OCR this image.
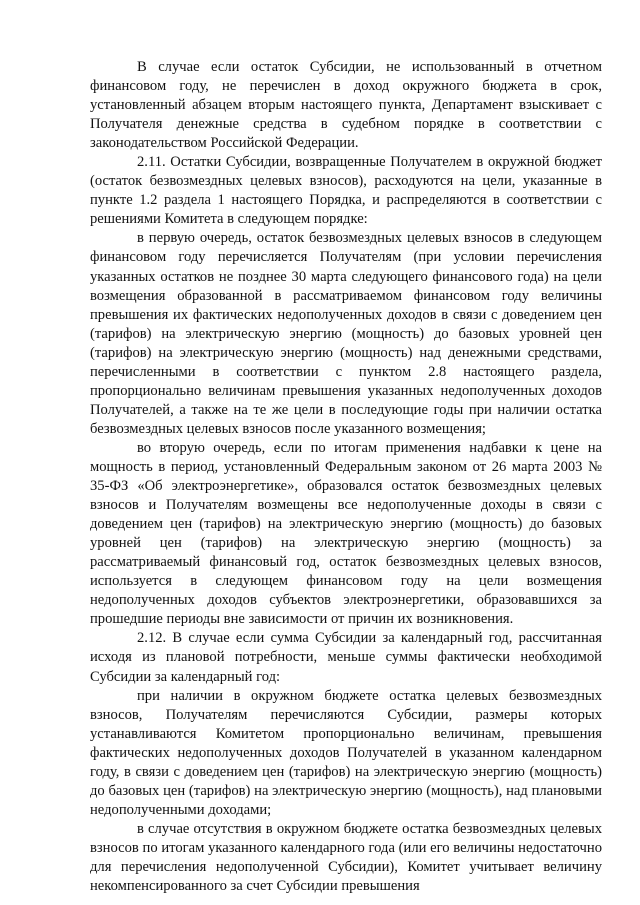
В случае если остаток Субсидии, не использованный в отчетном финансовом году, не перечислен в доход окружного бюджета в срок, установленный абзацем вторым настоящего пункта, Департамент взыскивает с Получателя денежные средства в судебном порядке в соответствии с законодательством Российской Федерации.

2.11. Остатки Субсидии, возвращенные Получателем в окружной бюджет (остаток безвозмездных целевых взносов), расходуются на цели, указанные в пункте 1.2 раздела 1 настоящего Порядка, и распределяются в соответствии с решениями Комитета в следующем порядке:

в первую очередь, остаток безвозмездных целевых взносов в следующем финансовом году перечисляется Получателям (при условии перечисления указанных остатков не позднее 30 марта следующего финансового года) на цели возмещения образованной в рассматриваемом финансовом году величины превышения их фактических недополученных доходов в связи с доведением цен (тарифов) на электрическую энергию (мощность) до базовых уровней цен (тарифов) на электрическую энергию (мощность) над денежными средствами, перечисленными в соответствии с пунктом 2.8 настоящего раздела, пропорционально величинам превышения указанных недополученных доходов Получателей, а также на те же цели в последующие годы при наличии остатка безвозмездных целевых взносов после указанного возмещения;

во вторую очередь, если по итогам применения надбавки к цене на мощность в период, установленный Федеральным законом от 26 марта 2003 № 35-ФЗ «Об электроэнергетике», образовался остаток безвозмездных целевых взносов и Получателям возмещены все недополученные доходы в связи с доведением цен (тарифов) на электрическую энергию (мощность) до базовых уровней цен (тарифов) на электрическую энергию (мощность) за рассматриваемый финансовый год, остаток безвозмездных целевых взносов, используется в следующем финансовом году на цели возмещения недополученных доходов субъектов электроэнергетики, образовавшихся за прошедшие периоды вне зависимости от причин их возникновения.

2.12. В случае если сумма Субсидии за календарный год, рассчитанная исходя из плановой потребности, меньше суммы фактически необходимой Субсидии за календарный год:

при наличии в окружном бюджете остатка целевых безвозмездных взносов, Получателям перечисляются Субсидии, размеры которых устанавливаются Комитетом пропорционально величинам, превышения фактических недополученных доходов Получателей в указанном календарном году, в связи с доведением цен (тарифов) на электрическую энергию (мощность) до базовых цен (тарифов) на электрическую энергию (мощность), над плановыми недополученными доходами;

в случае отсутствия в окружном бюджете остатка безвозмездных целевых взносов по итогам указанного календарного года (или его величины недостаточно для перечисления недополученной Субсидии), Комитет учитывает величину некомпенсированного за счет Субсидии превышения
